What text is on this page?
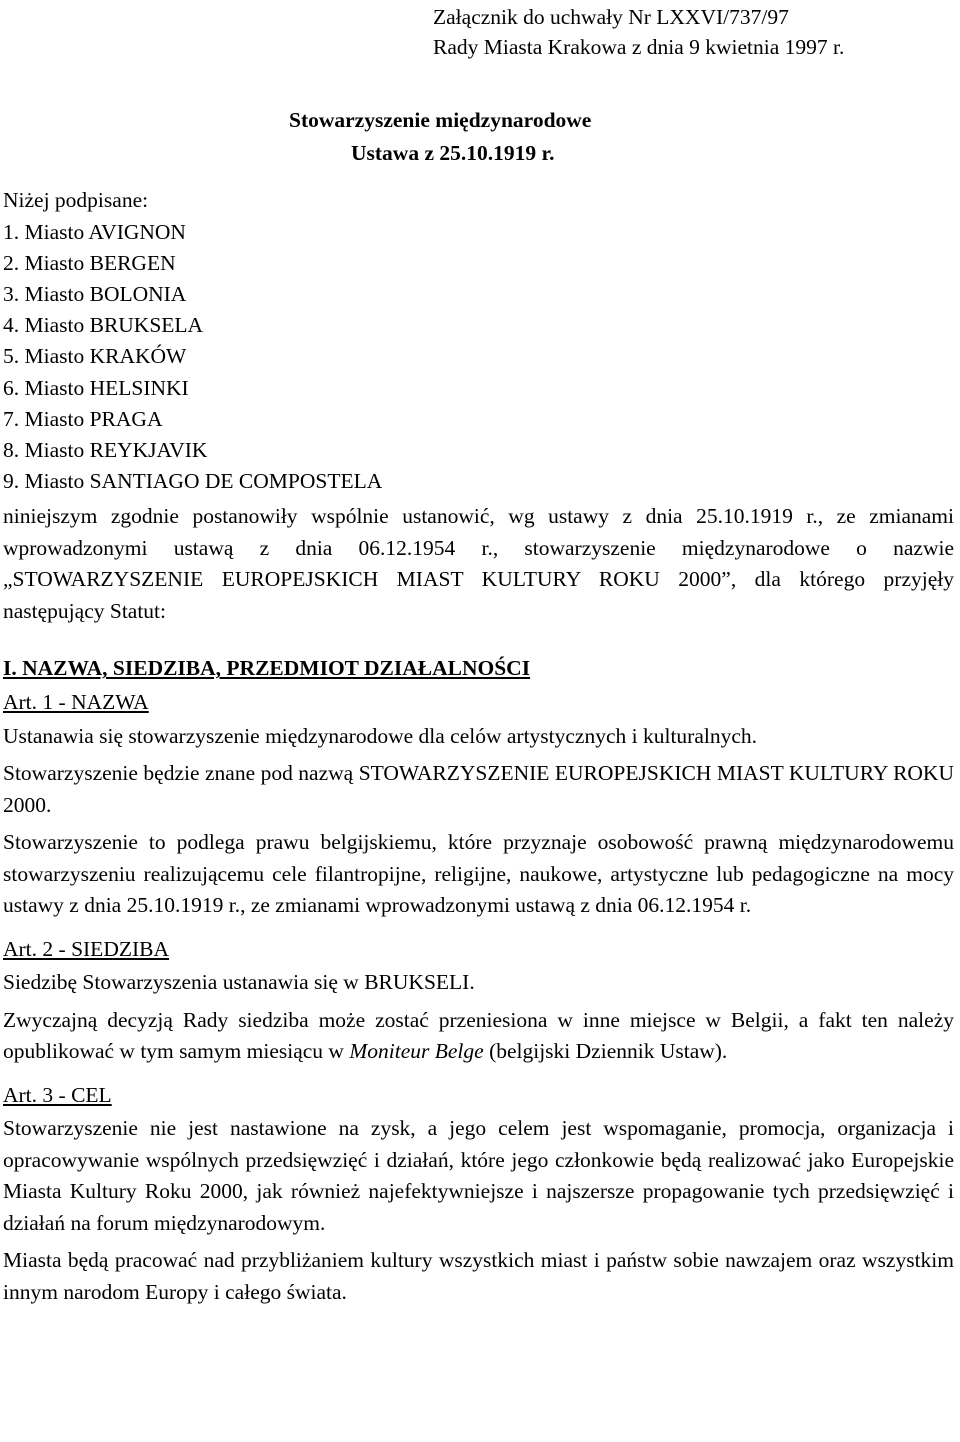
Załącznik do uchwały Nr LXXVI/737/97
Rady Miasta Krakowa z dnia 9 kwietnia 1997 r.
Stowarzyszenie międzynarodowe
Ustawa z 25.10.1919 r.
Niżej podpisane:
1. Miasto AVIGNON
2. Miasto BERGEN
3. Miasto BOLONIA
4. Miasto BRUKSELA
5. Miasto KRAKÓW
6. Miasto HELSINKI
7. Miasto PRAGA
8. Miasto REYKJAVIK
9. Miasto SANTIAGO DE COMPOSTELA

niniejszym zgodnie postanowiły wspólnie ustanowić, wg ustawy z dnia 25.10.1919 r., ze zmianami wprowadzonymi ustawą z dnia 06.12.1954 r., stowarzyszenie międzynarodowe o nazwie „STOWARZYSZENIE EUROPEJSKICH MIAST KULTURY ROKU 2000”, dla którego przyjęły następujący Statut:

I. NAZWA, SIEDZIBA, PRZEDMIOT DZIAŁALNOŚCI
Art. 1 - NAZWA

Ustanawia się stowarzyszenie międzynarodowe dla celów artystycznych i kulturalnych.

Stowarzyszenie będzie znane pod nazwą STOWARZYSZENIE EUROPEJSKICH MIAST KULTURY ROKU 2000.

Stowarzyszenie to podlega prawu belgijskiemu, które przyznaje osobowość prawną międzynarodowemu stowarzyszeniu realizującemu cele filantropijne, religijne, naukowe, artystyczne lub pedagogiczne na mocy ustawy z dnia 25.10.1919 r., ze zmianami wprowadzonymi ustawą z dnia 06.12.1954 r.

Art. 2 - SIEDZIBA

Siedzibę Stowarzyszenia ustanawia się w BRUKSELI.

Zwyczajną decyzją Rady siedziba może zostać przeniesiona w inne miejsce w Belgii, a fakt ten należy opublikować w tym samym miesiącu w Moniteur Belge (belgijski Dziennik Ustaw).

Art. 3 - CEL

Stowarzyszenie nie jest nastawione na zysk, a jego celem jest wspomaganie, promocja, organizacja i opracowywanie wspólnych przedsięwzięć i działań, które jego członkowie będą realizować jako Europejskie Miasta Kultury Roku 2000, jak również najefektywniejsze i najszersze propagowanie tych przedsięwzięć i działań na forum międzynarodowym.

Miasta będą pracować nad przybliżaniem kultury wszystkich miast i państw sobie nawzajem oraz wszystkim innym narodom Europy i całego świata.
